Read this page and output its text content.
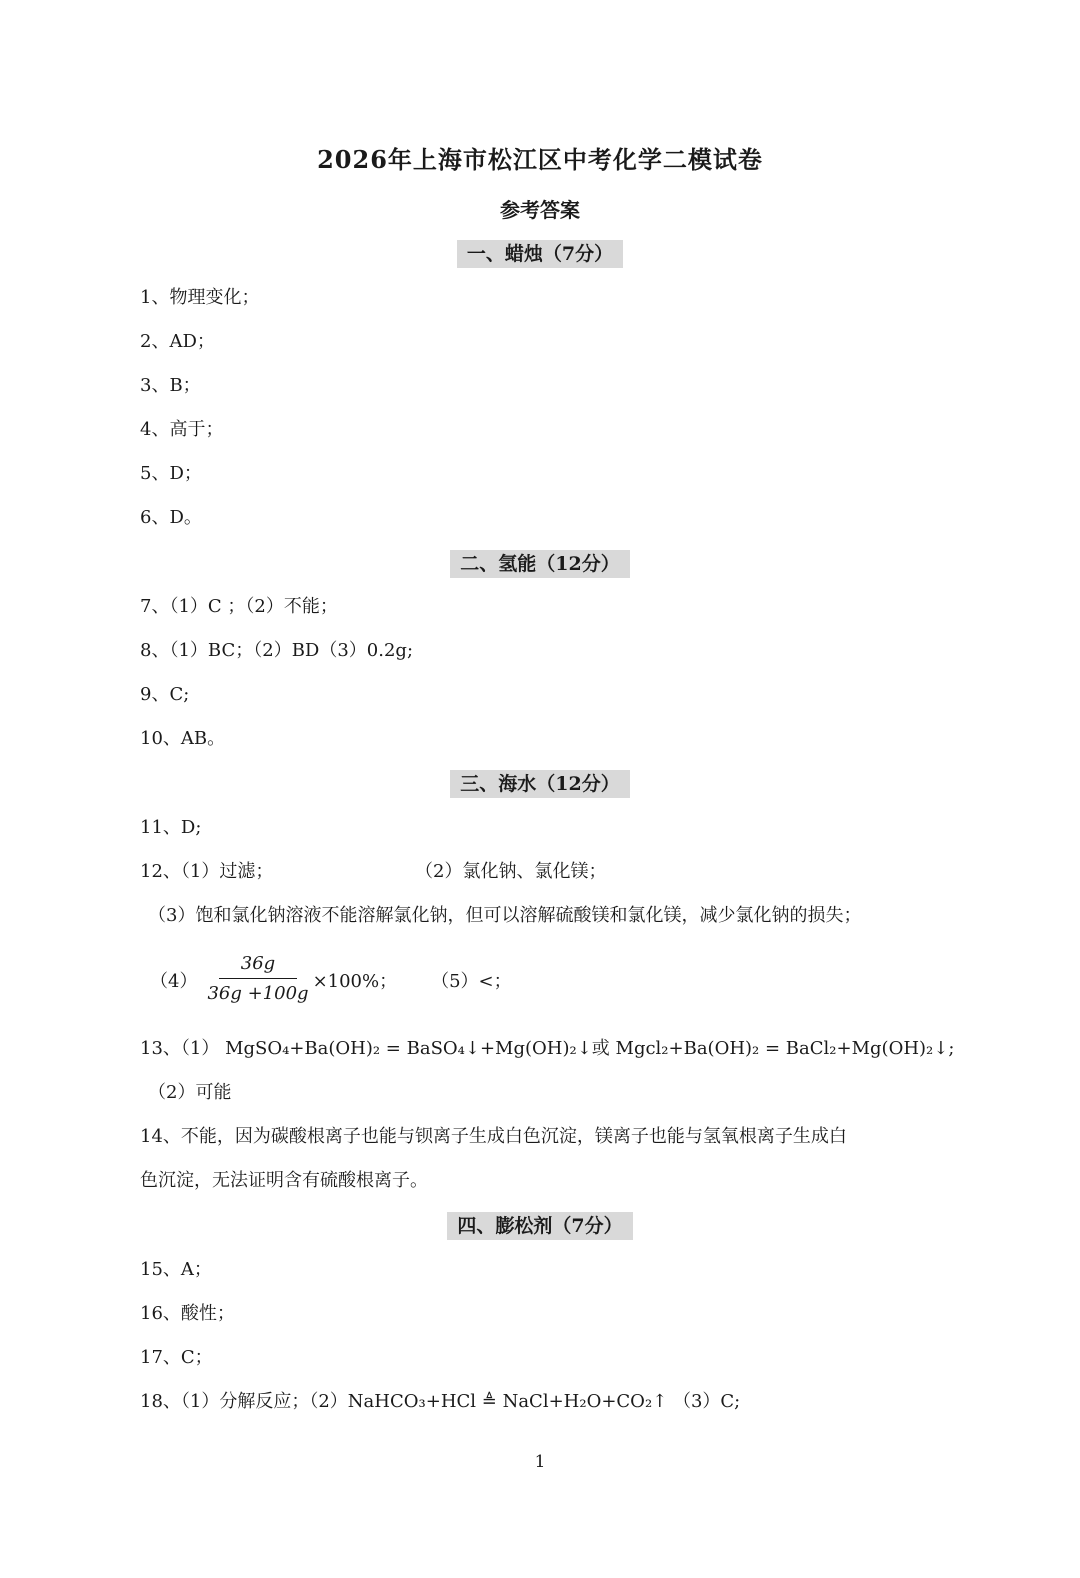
2026年上海市松江区中考化学二模试卷
参考答案
一、蜡烛（7分）
1、物理变化；
2、AD；
3、B；
4、高于；
5、D；
6、D。
二、氢能（12分）
7、（1）C ；（2）不能；
8、（1）BC；（2）BD（3）0.2g;
9、C;
10、AB。
三、海水（12分）
11、D;
12、（1）过滤；	（2）氯化钠、氯化镁；
（3）饱和氯化钠溶液不能溶解氯化钠，但可以溶解硫酸镁和氯化镁，减少氯化钠的损失；
$(4) \frac{36g}{36g +100g} \times 100\%$； （5）<；
13、（1） MgSO₄+Ba(OH)₂ = BaSO₄↓+Mg(OH)₂↓或 Mgcl₂+Ba(OH)₂ = BaCl₂+Mg(OH)₂↓;
（2）可能
14、不能，因为碳酸根离子也能与钡离子生成白色沉淀，镁离子也能与氢氧根离子生成白
色沉淀，无法证明含有硫酸根离子。
四、膨松剂（7分）
15、A；
16、酸性；
17、C；
18、（1）分解反应；（2）NaHCO₃+HCl ≜ NaCl+H₂O+CO₂↑ （3）C;
1
